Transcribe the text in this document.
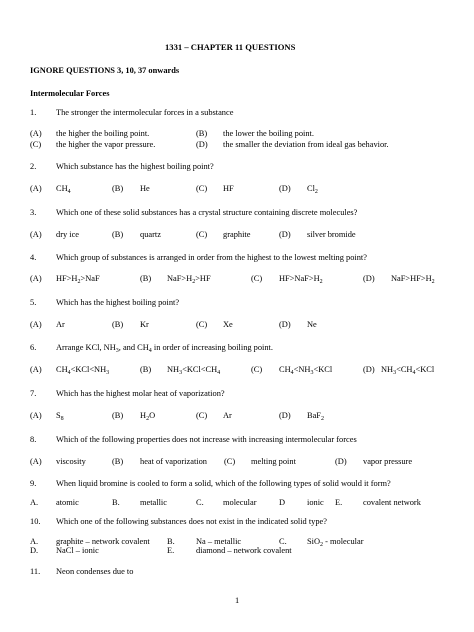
1331 – CHAPTER 11 QUESTIONS
IGNORE QUESTIONS 3, 10, 37 onwards
Intermolecular Forces
1. The stronger the intermolecular forces in a substance
(A) the higher the boiling point.	(B) the lower the boiling point.
(C) the higher the vapor pressure.	(D) the smaller the deviation from ideal gas behavior.
2. Which substance has the highest boiling point?
(A) $CH_4$	(B) He	(C) HF	(D) $Cl_2$
3. Which one of these solid substances has a crystal structure containing discrete molecules?
(A) dry ice	(B) quartz	(C) graphite	(D) silver bromide
4. Which group of substances is arranged in order from the highest to the lowest melting point?
(A) $HF>H_2>NaF$	(B) $NaF>H_2>HF$	(C) $HF>NaF>H_2$	(D) $NaF>HF>H_2$
5. Which has the highest boiling point?
(A) Ar	(B) Kr	(C) Xe	(D) Ne
6. Arrange KCl, $NH_3$, and $CH_4$ in order of increasing boiling point.
(A) $CH_4<KCl<NH_3$	(B) $NH_3<KCl<CH_4$	(C) $CH_4<NH_3<KCl$	(D) $NH_3<CH_4<KCl$
7. Which has the highest molar heat of vaporization?
(A) $S_8$	(B) $H_2O$	(C) Ar	(D) BaF$_2$
8. Which of the following properties does not increase with increasing intermolecular forces
(A) viscosity	(B) heat of vaporization (C) melting point	(D) vapor pressure
9. When liquid bromine is cooled to form a solid, which of the following types of solid would it form?
A. atomic	B. metallic	C. molecular	D	ionic E. covalent network
10. Which one of the following substances does not exist in the indicated solid type?
A. graphite – network covalent B.	Na – metallic	C. SiO$_2$ - molecular
D. NaCl – ionic	E.	diamond – network covalent
11. Neon condenses due to
1
